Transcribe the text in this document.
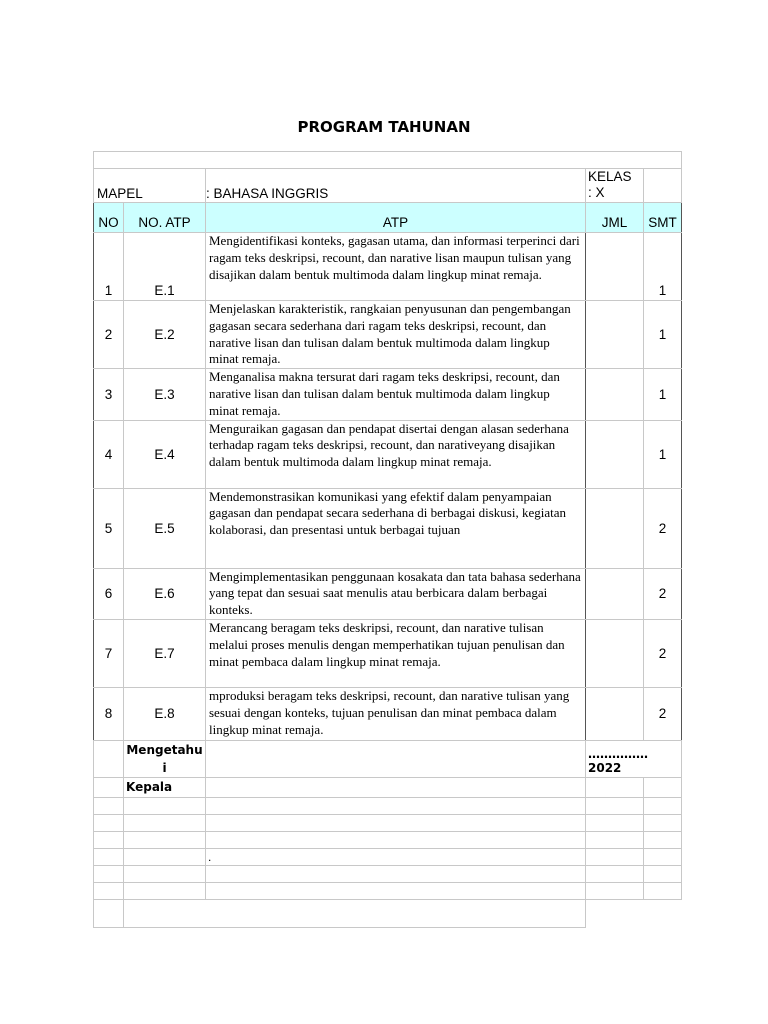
PROGRAM TAHUNAN

MAPEL		: BAHASA INGGRIS	KELAS
: X	

NO	NO. ATP	ATP	JML	SMT
1	E.1	Mengidentifikasi konteks, gagasan utama, dan informasi terperinci dari ragam teks deskripsi, recount, dan narative lisan maupun tulisan yang disajikan dalam bentuk multimoda dalam lingkup minat remaja.		1
2	E.2	Menjelaskan karakteristik, rangkaian penyusunan dan pengembangan gagasan secara sederhana dari ragam teks deskripsi, recount, dan narative lisan dan tulisan dalam bentuk multimoda dalam lingkup minat remaja.		1
3	E.3	Menganalisa makna tersurat dari ragam teks deskripsi, recount, dan narative lisan dan tulisan dalam bentuk multimoda dalam lingkup minat remaja.		1
4	E.4	Menguraikan gagasan dan pendapat disertai dengan alasan sederhana terhadap ragam teks deskripsi, recount, dan narativeyang disajikan dalam bentuk multimoda dalam lingkup minat remaja.		1
5	E.5	Mendemonstrasikan komunikasi yang efektif dalam penyampaian gagasan dan pendapat secara sederhana di berbagai diskusi, kegiatan kolaborasi, dan presentasi untuk berbagai tujuan		2
6	E.6	Mengimplementasikan penggunaan kosakata dan tata bahasa sederhana yang tepat dan sesuai saat menulis atau berbicara dalam berbagai konteks.		2
7	E.7	Merancang beragam teks deskripsi, recount, dan narative tulisan melalui proses menulis dengan memperhatikan tujuan penulisan dan minat pembaca dalam lingkup minat remaja.		2
8	E.8	mproduksi beragam teks deskripsi, recount, dan narative tulisan yang sesuai dengan konteks, tujuan penulisan dan minat pembaca dalam lingkup minat remaja.		2
	Mengetahu i		……………2022	
	Kepala			

		.		
